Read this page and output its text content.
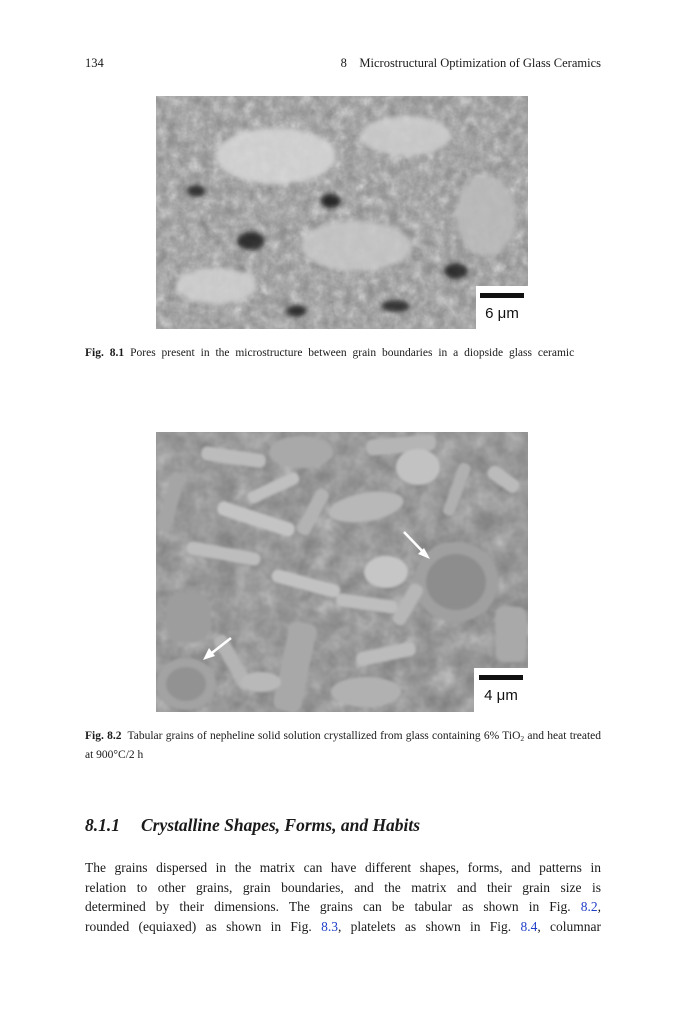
134	8 Microstructural Optimization of Glass Ceramics
6 μm
Fig. 8.1 Pores present in the microstructure between grain boundaries in a diopside glass ceramic
4 μm
Fig. 8.2 Tabular grains of nepheline solid solution crystallized from glass containing 6% TiO$_2$ and heat treated at 900°C/2 h
8.1.1 Crystalline Shapes, Forms, and Habits
The grains dispersed in the matrix can have different shapes, forms, and patterns in
relation to other grains, grain boundaries, and the matrix and their grain size is
determined by their dimensions. The grains can be tabular as shown in Fig. 8.2,
rounded (equiaxed) as shown in Fig. 8.3, platelets as shown in Fig. 8.4, columnar
